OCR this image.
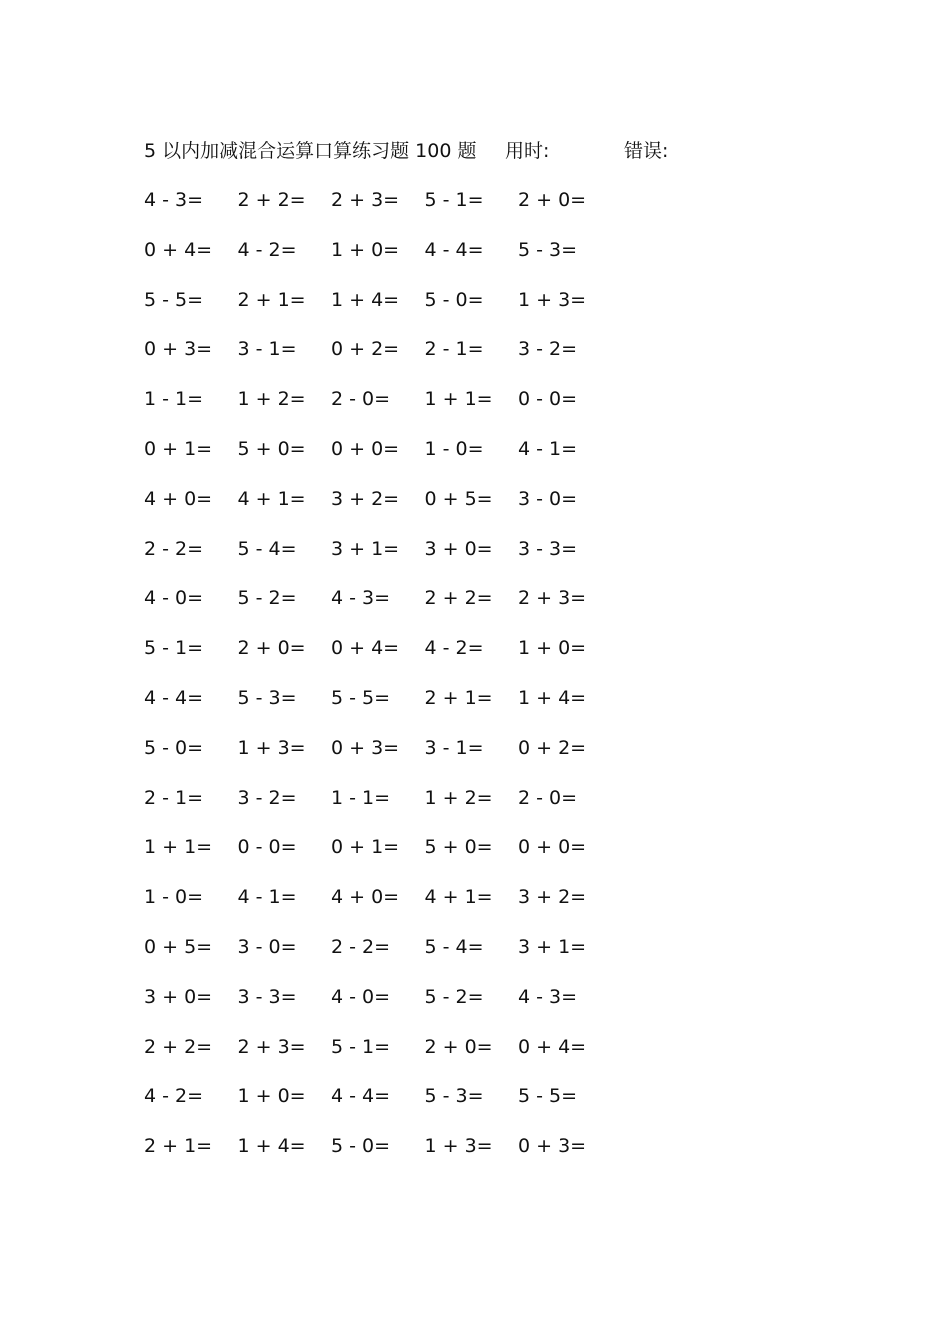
5 以内加减混合运算口算练习题 100 题 用时:	错误:
4 - 3= 2 + 2= 2 + 3= 5 - 1= 2 + 0=
0 + 4= 4 - 2= 1 + 0= 4 - 4= 5 - 3=
5 - 5= 2 + 1= 1 + 4= 5 - 0= 1 + 3=
0 + 3= 3 - 1= 0 + 2= 2 - 1= 3 - 2=
1 - 1= 1 + 2= 2 - 0= 1 + 1= 0 - 0=
0 + 1= 5 + 0= 0 + 0= 1 - 0= 4 - 1=
4 + 0= 4 + 1= 3 + 2= 0 + 5= 3 - 0=
2 - 2= 5 - 4= 3 + 1= 3 + 0= 3 - 3=
4 - 0= 5 - 2= 4 - 3= 2 + 2= 2 + 3=
5 - 1= 2 + 0= 0 + 4= 4 - 2= 1 + 0=
4 - 4= 5 - 3= 5 - 5= 2 + 1= 1 + 4=
5 - 0= 1 + 3= 0 + 3= 3 - 1= 0 + 2=
2 - 1= 3 - 2= 1 - 1= 1 + 2= 2 - 0=
1 + 1= 0 - 0= 0 + 1= 5 + 0= 0 + 0=
1 - 0= 4 - 1= 4 + 0= 4 + 1= 3 + 2=
0 + 5= 3 - 0= 2 - 2= 5 - 4= 3 + 1=
3 + 0= 3 - 3= 4 - 0= 5 - 2= 4 - 3=
2 + 2= 2 + 3= 5 - 1= 2 + 0= 0 + 4=
4 - 2= 1 + 0= 4 - 4= 5 - 3= 5 - 5=
2 + 1= 1 + 4= 5 - 0= 1 + 3= 0 + 3=
